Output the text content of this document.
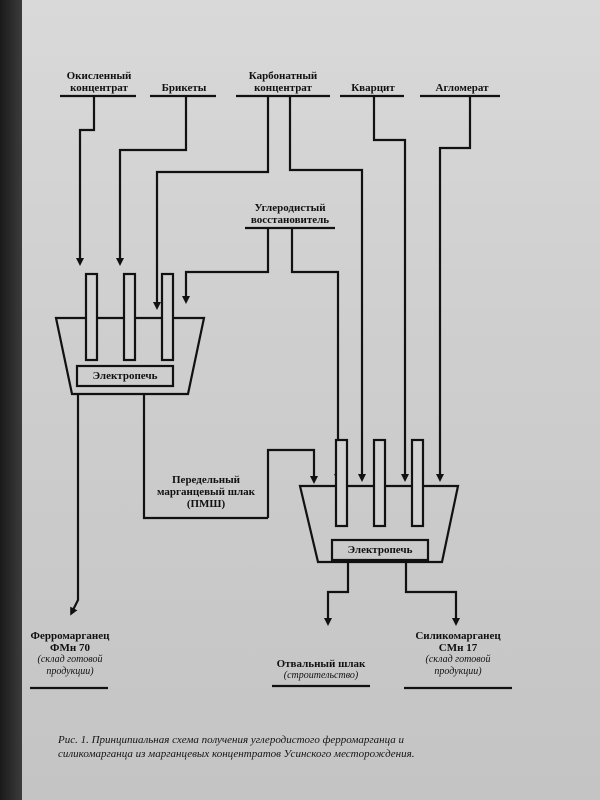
Окисленный
концентрат	Брикеты
Карбонатный
концентрат	Кварцит	Агломерат
Углеродистый
восстановитель
Электропечь
Электропечь
Передельный
марганцевый шлак
(ПМШ)
Ферромарганец
ФМн 70
(склад готовой
продукции)
Отвальный шлак
(строительство)
Силикомарганец
СМн 17
(склад готовой
продукции)
Рис. 1. Принципиальная схема получения углеродистого ферромарганца и
силикомарганца из марганцевых концентратов Усинского месторождения.
